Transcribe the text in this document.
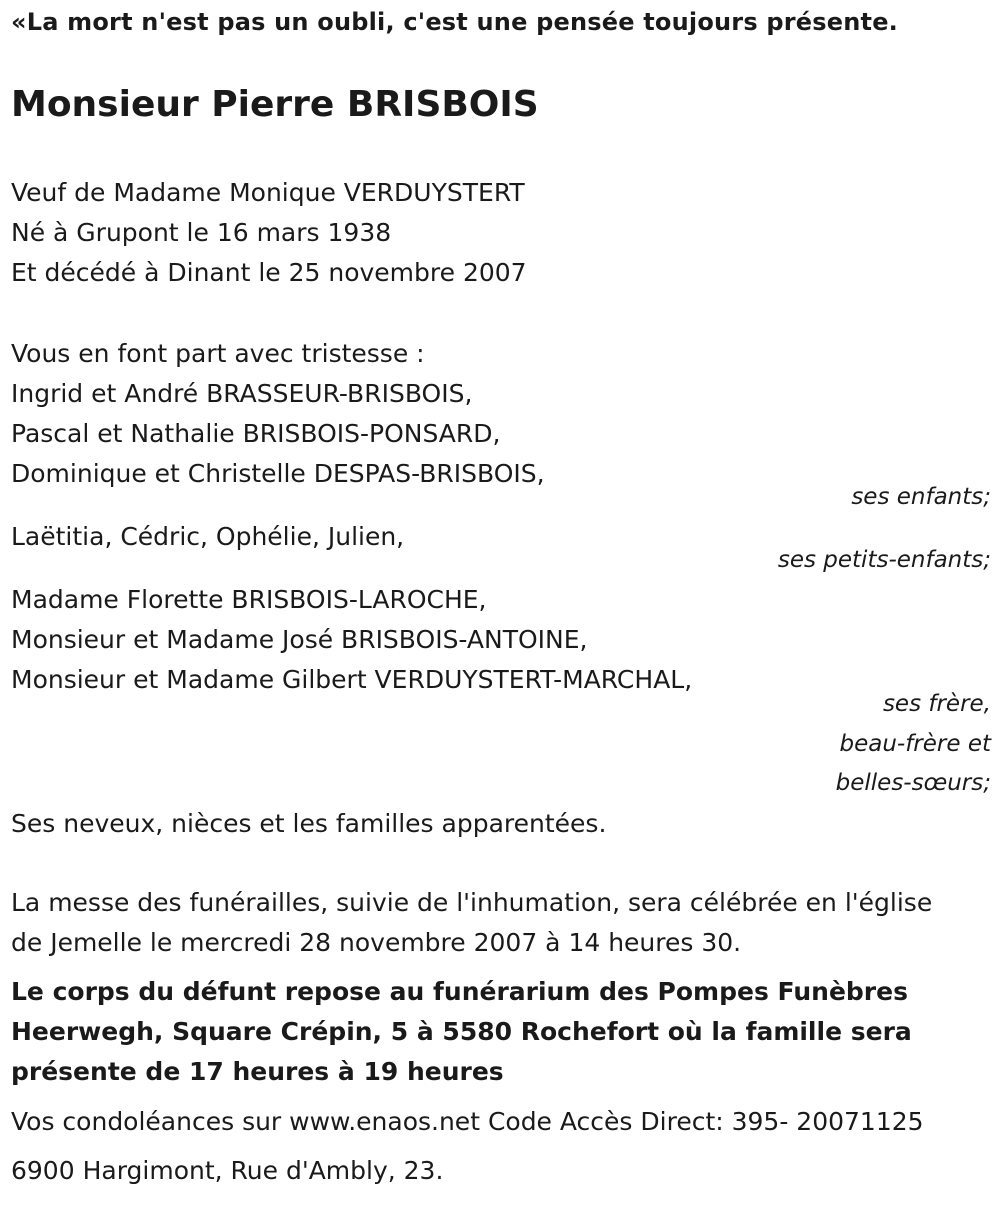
«La mort n'est pas un oubli, c'est une pensée toujours présente.
Monsieur Pierre BRISBOIS
Veuf de Madame Monique VERDUYSTERT
Né à Grupont le 16 mars 1938
Et décédé à Dinant le 25 novembre 2007
Vous en font part avec tristesse :
Ingrid et André BRASSEUR-BRISBOIS,
Pascal et Nathalie BRISBOIS-PONSARD,
Dominique et Christelle DESPAS-BRISBOIS,
ses enfants;
Laëtitia, Cédric, Ophélie, Julien,
ses petits-enfants;
Madame Florette BRISBOIS-LAROCHE,
Monsieur et Madame José BRISBOIS-ANTOINE,
Monsieur et Madame Gilbert VERDUYSTERT-MARCHAL,
ses frère,
beau-frère et
belles-sœurs;
Ses neveux, nièces et les familles apparentées.
La messe des funérailles, suivie de l'inhumation, sera célébrée en l'église
de Jemelle le mercredi 28 novembre 2007 à 14 heures 30.
Le corps du défunt repose au funérarium des Pompes Funèbres
Heerwegh, Square Crépin, 5 à 5580 Rochefort où la famille sera
présente de 17 heures à 19 heures
Vos condoléances sur www.enaos.net Code Accès Direct: 395- 20071125
6900 Hargimont, Rue d'Ambly, 23.
